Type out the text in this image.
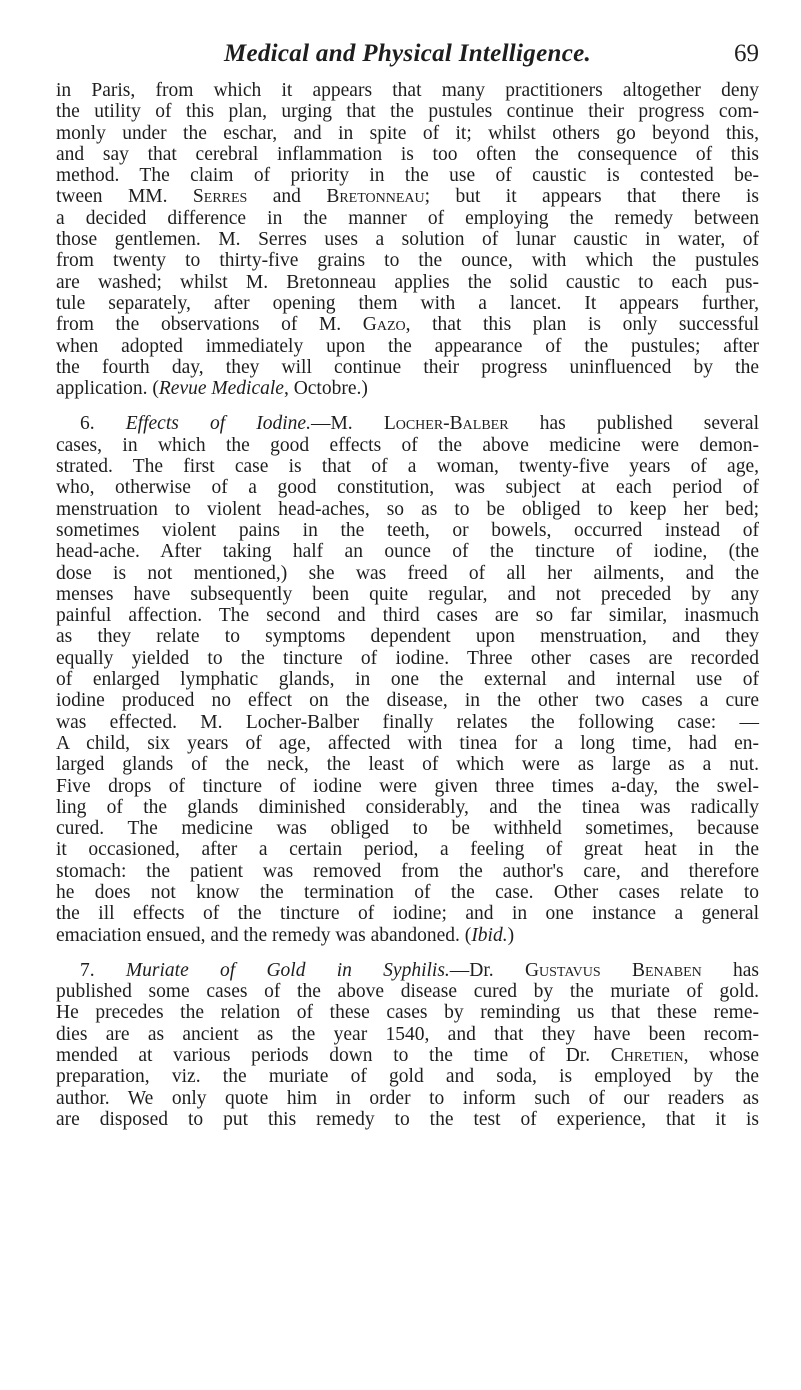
Medical and Physical Intelligence.	69
in Paris, from which it appears that many practitioners altogether deny
the utility of this plan, urging that the pustules continue their progress com-
monly under the eschar, and in spite of it; whilst others go beyond this,
and say that cerebral inflammation is too often the consequence of this
method. The claim of priority in the use of caustic is contested be-
tween MM. Serres and Bretonneau; but it appears that there is
a decided difference in the manner of employing the remedy between
those gentlemen. M. Serres uses a solution of lunar caustic in water, of
from twenty to thirty-five grains to the ounce, with which the pustules
are washed; whilst M. Bretonneau applies the solid caustic to each pus-
tule separately, after opening them with a lancet. It appears further,
from the observations of M. Gazo, that this plan is only successful
when adopted immediately upon the appearance of the pustules; after
the fourth day, they will continue their progress uninfluenced by the
application. (Revue Medicale, Octobre.)
6. Effects of Iodine.—M. Locher-Balber has published several
cases, in which the good effects of the above medicine were demon-
strated. The first case is that of a woman, twenty-five years of age,
who, otherwise of a good constitution, was subject at each period of
menstruation to violent head-aches, so as to be obliged to keep her bed;
sometimes violent pains in the teeth, or bowels, occurred instead of
head-ache. After taking half an ounce of the tincture of iodine, (the
dose is not mentioned,) she was freed of all her ailments, and the
menses have subsequently been quite regular, and not preceded by any
painful affection. The second and third cases are so far similar, inasmuch
as they relate to symptoms dependent upon menstruation, and they
equally yielded to the tincture of iodine. Three other cases are recorded
of enlarged lymphatic glands, in one the external and internal use of
iodine produced no effect on the disease, in the other two cases a cure
was effected. M. Locher-Balber finally relates the following case: —
A child, six years of age, affected with tinea for a long time, had en-
larged glands of the neck, the least of which were as large as a nut.
Five drops of tincture of iodine were given three times a-day, the swel-
ling of the glands diminished considerably, and the tinea was radically
cured. The medicine was obliged to be withheld sometimes, because
it occasioned, after a certain period, a feeling of great heat in the
stomach: the patient was removed from the author's care, and therefore
he does not know the termination of the case. Other cases relate to
the ill effects of the tincture of iodine; and in one instance a general
emaciation ensued, and the remedy was abandoned. (Ibid.)
7. Muriate of Gold in Syphilis.—Dr. Gustavus Benaben has
published some cases of the above disease cured by the muriate of gold.
He precedes the relation of these cases by reminding us that these reme-
dies are as ancient as the year 1540, and that they have been recom-
mended at various periods down to the time of Dr. Chretien, whose
preparation, viz. the muriate of gold and soda, is employed by the
author. We only quote him in order to inform such of our readers as
are disposed to put this remedy to the test of experience, that it is
